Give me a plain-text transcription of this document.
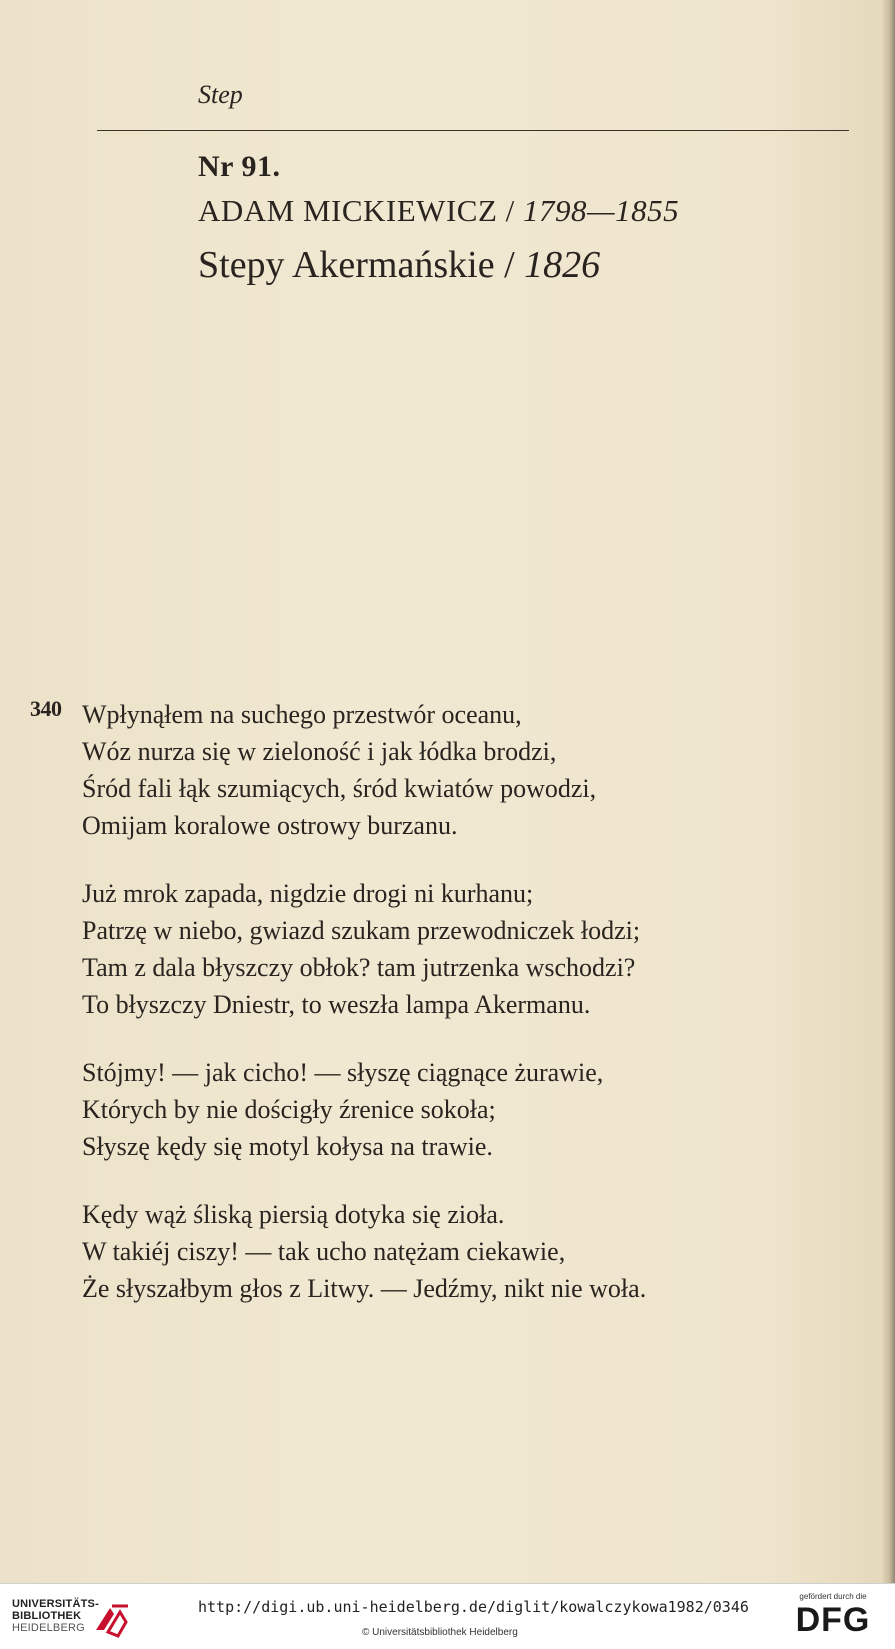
Step
Nr 91.
ADAM MICKIEWICZ / 1798—1855
Stepy Akermańskie / 1826
340 Wpłynąłem na suchego przestwór oceanu,
Wóz nurza się w zieloność i jak łódka brodzi,
Śród fali łąk szumiących, śród kwiatów powodzi,
Omijam koralowe ostrowy burzanu.
Już mrok zapada, nigdzie drogi ni kurhanu;
Patrzę w niebo, gwiazd szukam przewodniczek łodzi;
Tam z dala błyszczy obłok? tam jutrzenka wschodzi?
To błyszczy Dniestr, to weszła lampa Akermanu.
Stójmy! — jak cicho! — słyszę ciągnące żurawie,
Których by nie dościgły źrenice sokoła;
Słyszę kędy się motyl kołysa na trawie.
Kędy wąż śliską piersią dotyka się zioła.
W takiéj ciszy! — tak ucho natężam ciekawie,
Że słyszałbym głos z Litwy. — Jedźmy, nikt nie woła.
UNIVERSITÄTS-
BIBLIOTHEK
HEIDELBERG
http://digi.ub.uni-heidelberg.de/diglit/kowalczykowa1982/0346
© Universitätsbibliothek Heidelberg
gefördert durch die
DFG
